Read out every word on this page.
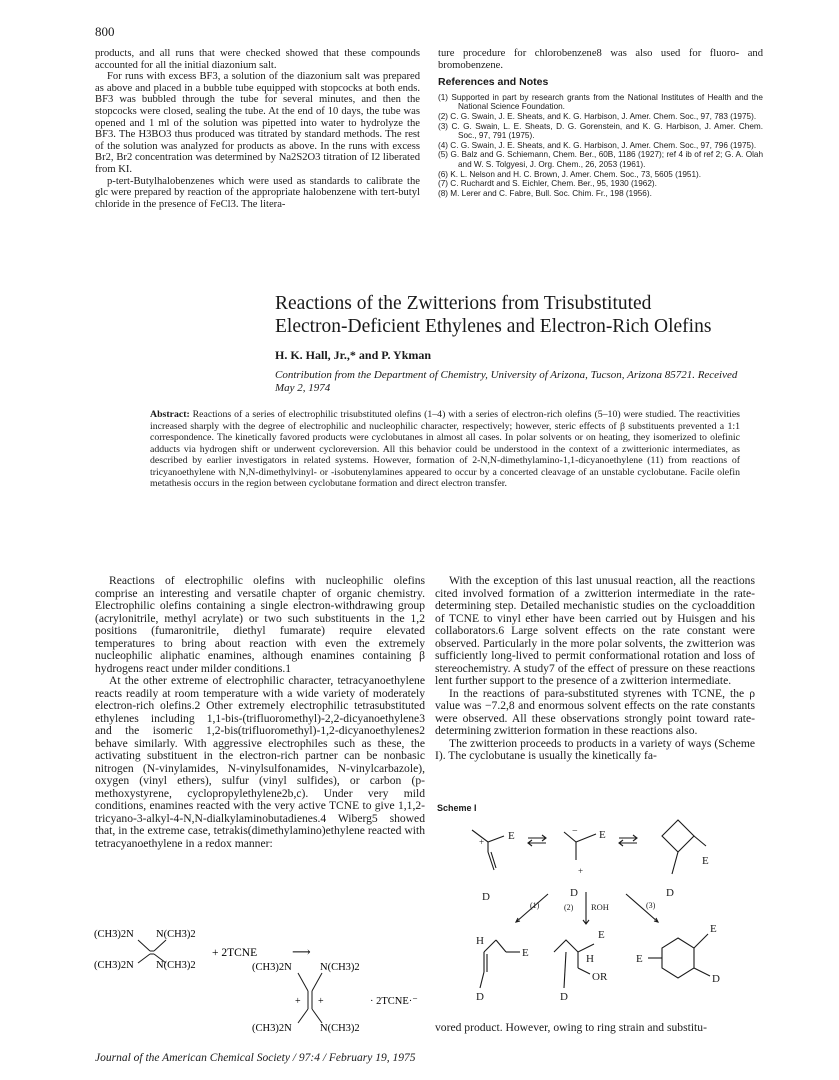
800

products, and all runs that were checked showed that these compounds accounted for all the initial diazonium salt.

For runs with excess BF3, a solution of the diazonium salt was prepared as above and placed in a bubble tube equipped with stopcocks at both ends. BF3 was bubbled through the tube for several minutes, and then the stopcocks were closed, sealing the tube. At the end of 10 days, the tube was opened and 1 ml of the solution was pipetted into water to hydrolyze the BF3. The H3BO3 thus produced was titrated by standard methods. The rest of the solution was analyzed for products as above. In the runs with excess Br2, Br2 concentration was determined by Na2S2O3 titration of I2 liberated from KI.

p-tert-Butylhalobenzenes which were used as standards to calibrate the glc were prepared by reaction of the appropriate halobenzene with tert-butyl chloride in the presence of FeCl3. The litera-

ture procedure for chlorobenzene8 was also used for fluoro- and bromobenzene.

References and Notes
(1) Supported in part by research grants from the National Institutes of Health and the National Science Foundation.
(2) C. G. Swain, J. E. Sheats, and K. G. Harbison, J. Amer. Chem. Soc., 97, 783 (1975).
(3) C. G. Swain, L. E. Sheats, D. G. Gorenstein, and K. G. Harbison, J. Amer. Chem. Soc., 97, 791 (1975).
(4) C. G. Swain, J. E. Sheats, and K. G. Harbison, J. Amer. Chem. Soc., 97, 796 (1975).
(5) G. Balz and G. Schiemann, Chem. Ber., 60B, 1186 (1927); ref 4 ib of ref 2; G. A. Olah and W. S. Tolgyesi, J. Org. Chem., 26, 2053 (1961).
(6) K. L. Nelson and H. C. Brown, J. Amer. Chem. Soc., 73, 5605 (1951).
(7) C. Ruchardt and S. Eichler, Chem. Ber., 95, 1930 (1962).
(8) M. Lerer and C. Fabre, Bull. Soc. Chim. Fr., 198 (1956).
Reactions of the Zwitterions from Trisubstituted
Electron-Deficient Ethylenes and Electron-Rich Olefins
H. K. Hall, Jr.,* and P. Ykman
Contribution from the Department of Chemistry, University of Arizona, Tucson, Arizona 85721. Received May 2, 1974
Abstract: Reactions of a series of electrophilic trisubstituted olefins (1–4) with a series of electron-rich olefins (5–10) were studied. The reactivities increased sharply with the degree of electrophilic and nucleophilic character, respectively; however, steric effects of β substituents prevented a 1:1 correspondence. The kinetically favored products were cyclobutanes in almost all cases. In polar solvents or on heating, they isomerized to olefinic adducts via hydrogen shift or underwent cycloreversion. All this behavior could be understood in the context of a zwitterionic intermediates, as described by earlier investigators in related systems. However, formation of 2-N,N-dimethylamino-1,1-dicyanoethylene (11) from reactions of tricyanoethylene with N,N-dimethylvinyl- or -isobutenylamines appeared to occur by a concerted cleavage of an unstable cyclobutane. Facile olefin metathesis occurs in the region between cyclobutane formation and direct electron transfer.

Reactions of electrophilic olefins with nucleophilic olefins comprise an interesting and versatile chapter of organic chemistry. Electrophilic olefins containing a single electron-withdrawing group (acrylonitrile, methyl acrylate) or two such substituents in the 1,2 positions (fumaronitrile, diethyl fumarate) require elevated temperatures to bring about reaction with even the extremely nucleophilic aliphatic enamines, although enamines containing β hydrogens react under milder conditions.1

At the other extreme of electrophilic character, tetracyanoethylene reacts readily at room temperature with a wide variety of moderately electron-rich olefins.2 Other extremely electrophilic tetrasubstituted ethylenes including 1,1-bis-(trifluoromethyl)-2,2-dicyanoethylene3 and the isomeric 1,2-bis(trifluoromethyl)-1,2-dicyanoethylenes2 behave similarly. With aggressive electrophiles such as these, the activating substituent in the electron-rich partner can be nonbasic nitrogen (N-vinylamides, N-vinylsulfonamides, N-vinylcarbazole), oxygen (vinyl ethers), sulfur (vinyl sulfides), or carbon (p-methoxystyrene, cyclopropylethylene2b,c). Under very mild conditions, enamines reacted with the very active TCNE to give 1,1,2-tricyano-3-alkyl-4-N,N-dialkylaminobutadienes.4 Wiberg5 showed that, in the extreme case, tetrakis(dimethylamino)ethylene reacted with tetracyanoethylene in a redox manner:

(CH3)2N N(CH3)2
(CH3)2N N(CH3)2
+ 2TCNE	⟶
(CH3)2N	N(CH3)2
(CH3)2N	N(CH3)2
+ +	· 2TCNE·⁻

With the exception of this last unusual reaction, all the reactions cited involved formation of a zwitterion intermediate in the rate-determining step. Detailed mechanistic studies on the cycloaddition of TCNE to vinyl ether have been carried out by Huisgen and his collaborators.6 Large solvent effects on the rate constant were observed. Particularly in the more polar solvents, the zwitterion was sufficiently long-lived to permit conformational rotation and loss of stereochemistry. A study7 of the effect of pressure on these reactions lent further support to the presence of a zwitterion intermediate.

In the reactions of para-substituted styrenes with TCNE, the ρ value was −7.2,8 and enormous solvent effects on the rate constants were observed. All these observations strongly point toward rate-determining zwitterion formation in these reactions also.

The zwitterion proceeds to products in a variety of ways (Scheme I). The cyclobutane is usually the kinetically fa-

Scheme I
E
+
− E
+
D
E
D
D
(1)	(2) ROH	(3)
H
E
D
E
H
OR
D
E
E
D
vored product. However, owing to ring strain and substitu-
Journal of the American Chemical Society / 97:4 / February 19, 1975
